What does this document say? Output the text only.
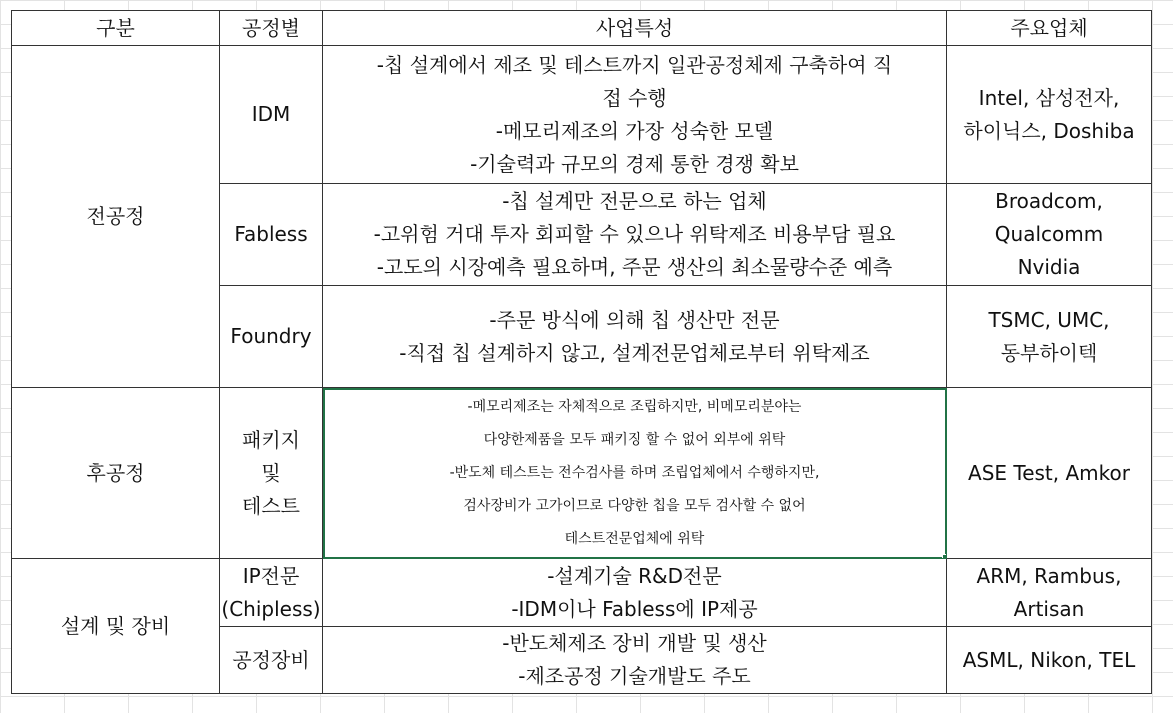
구분	공정별	사업특성	주요업체
전공정	IDM	-칩 설계에서 제조 및 테스트까지 일관공정체제 구축하여 직
접 수행
-메모리제조의 가장 성숙한 모델
-기술력과 규모의 경제 통한 경쟁 확보	Intel, 삼성전자,
하이닉스, Doshiba

	Fabless	-칩 설계만 전문으로 하는 업체
-고위험 거대 투자 회피할 수 있으나 위탁제조 비용부담 필요
-고도의 시장예측 필요하며, 주문 생산의 최소물량수준 예측	Broadcom,
Qualcomm
Nvidia

	Foundry	-주문 방식에 의해 칩 생산만 전문
-직접 칩 설계하지 않고, 설계전문업체로부터 위탁제조	TSMC, UMC,
동부하이텍

후공정	패키지
및
테스트	-메모리제조는 자체적으로 조립하지만, 비메모리분야는
다양한제품을 모두 패키징 할 수 없어 외부에 위탁
-반도체 테스트는 전수검사를 하며 조립업체에서 수행하지만,
검사장비가 고가이므로 다양한 칩을 모두 검사할 수 없어
테스트전문업체에 위탁	ASE Test, Amkor

설계 및 장비	IP전문
(Chipless)	-설계기술 R&D전문
-IDM이나 Fabless에 IP제공	ARM, Rambus,
Artisan

	공정장비	-반도체제조 장비 개발 및 생산
-제조공정 기술개발도 주도	ASML, Nikon, TEL
